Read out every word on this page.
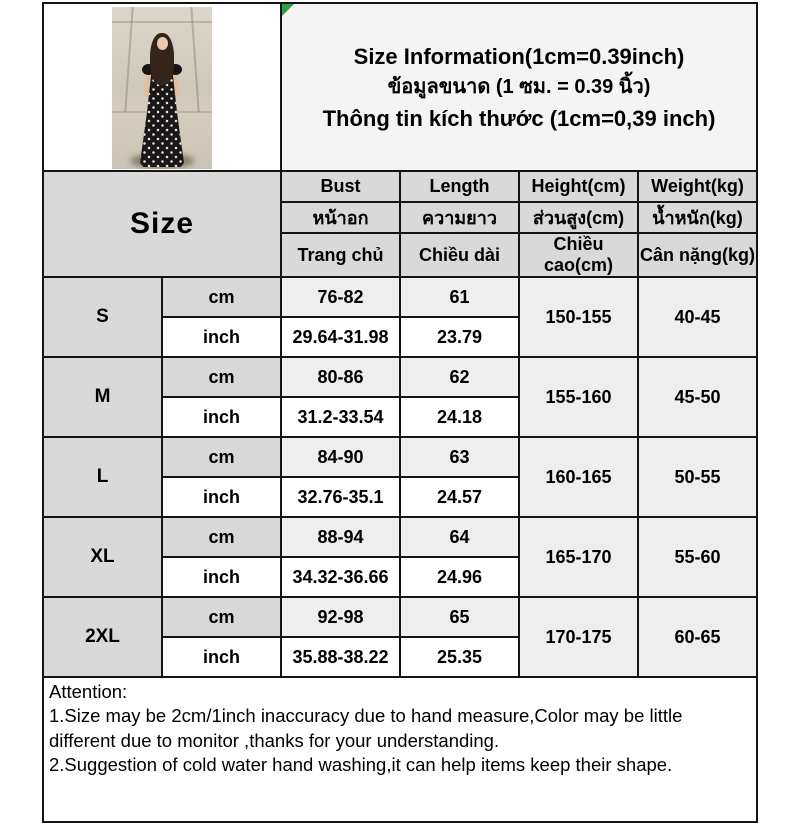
		Size Information(1cm=0.39inch)
ข้อมูลขนาด (1 ซม. = 0.39 นิ้ว)
Thông tin kích thước (1cm=0,39 inch)			

Size		Bust	Length	Height(cm)	Weight(kg)
		หน้าอก	ความยาว	ส่วนสูง(cm)	น้ำหนัก(kg)
		Trang chủ	Chiều dài	Chiều cao(cm)	Cân nặng(kg)
S	cm	76-82	61	150-155	40-45
	inch	29.64-31.98	23.79		
M	cm	80-86	62	155-160	45-50
	inch	31.2-33.54	24.18		
L	cm	84-90	63	160-165	50-55
	inch	32.76-35.1	24.57		
XL	cm	88-94	64	165-170	55-60
	inch	34.32-36.66	24.96		
2XL	cm	92-98	65	170-175	60-65
	inch	35.88-38.22	25.35		
Attention:
1.Size may be 2cm/1inch inaccuracy due to hand measure,Color may be little different due to monitor ,thanks for your understanding.
2.Suggestion of cold water hand washing,it can help items keep their shape.
